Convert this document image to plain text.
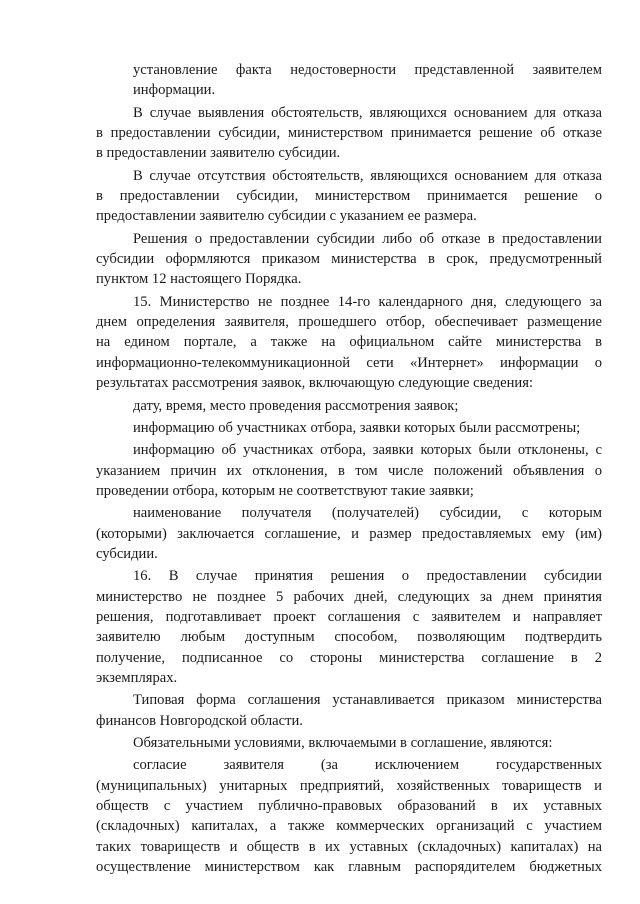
установление факта недостоверности представленной заявителем
информации.
В случае выявления обстоятельств, являющихся основанием для отказа
в предоставлении субсидии, министерством принимается решение об отказе
в предоставлении заявителю субсидии.
В случае отсутствия обстоятельств, являющихся основанием для отказа
в предоставлении субсидии, министерством принимается решение о
предоставлении заявителю субсидии с указанием ее размера.
Решения о предоставлении субсидии либо об отказе в предоставлении
субсидии оформляются приказом министерства в срок, предусмотренный
пунктом 12 настоящего Порядка.
15. Министерство не позднее 14-го календарного дня, следующего за
днем определения заявителя, прошедшего отбор, обеспечивает размещение
на едином портале, а также на официальном сайте министерства в
информационно-телекоммуникационной сети «Интернет» информации о
результатах рассмотрения заявок, включающую следующие сведения:
дату, время, место проведения рассмотрения заявок;
информацию об участниках отбора, заявки которых были рассмотрены;
информацию об участниках отбора, заявки которых были отклонены, с
указанием причин их отклонения, в том числе положений объявления о
проведении отбора, которым не соответствуют такие заявки;
наименование получателя (получателей) субсидии, с которым
(которыми) заключается соглашение, и размер предоставляемых ему (им)
субсидии.
16. В случае принятия решения о предоставлении субсидии
министерство не позднее 5 рабочих дней, следующих за днем принятия
решения, подготавливает проект соглашения с заявителем и направляет
заявителю любым доступным способом, позволяющим подтвердить
получение, подписанное со стороны министерства соглашение в 2
экземплярах.
Типовая форма соглашения устанавливается приказом министерства
финансов Новгородской области.
Обязательными условиями, включаемыми в соглашение, являются:
согласие заявителя (за исключением государственных
(муниципальных) унитарных предприятий, хозяйственных товариществ и
обществ с участием публично-правовых образований в их уставных
(складочных) капиталах, а также коммерческих организаций с участием
таких товариществ и обществ в их уставных (складочных) капиталах) на
осуществление министерством как главным распорядителем бюджетных
